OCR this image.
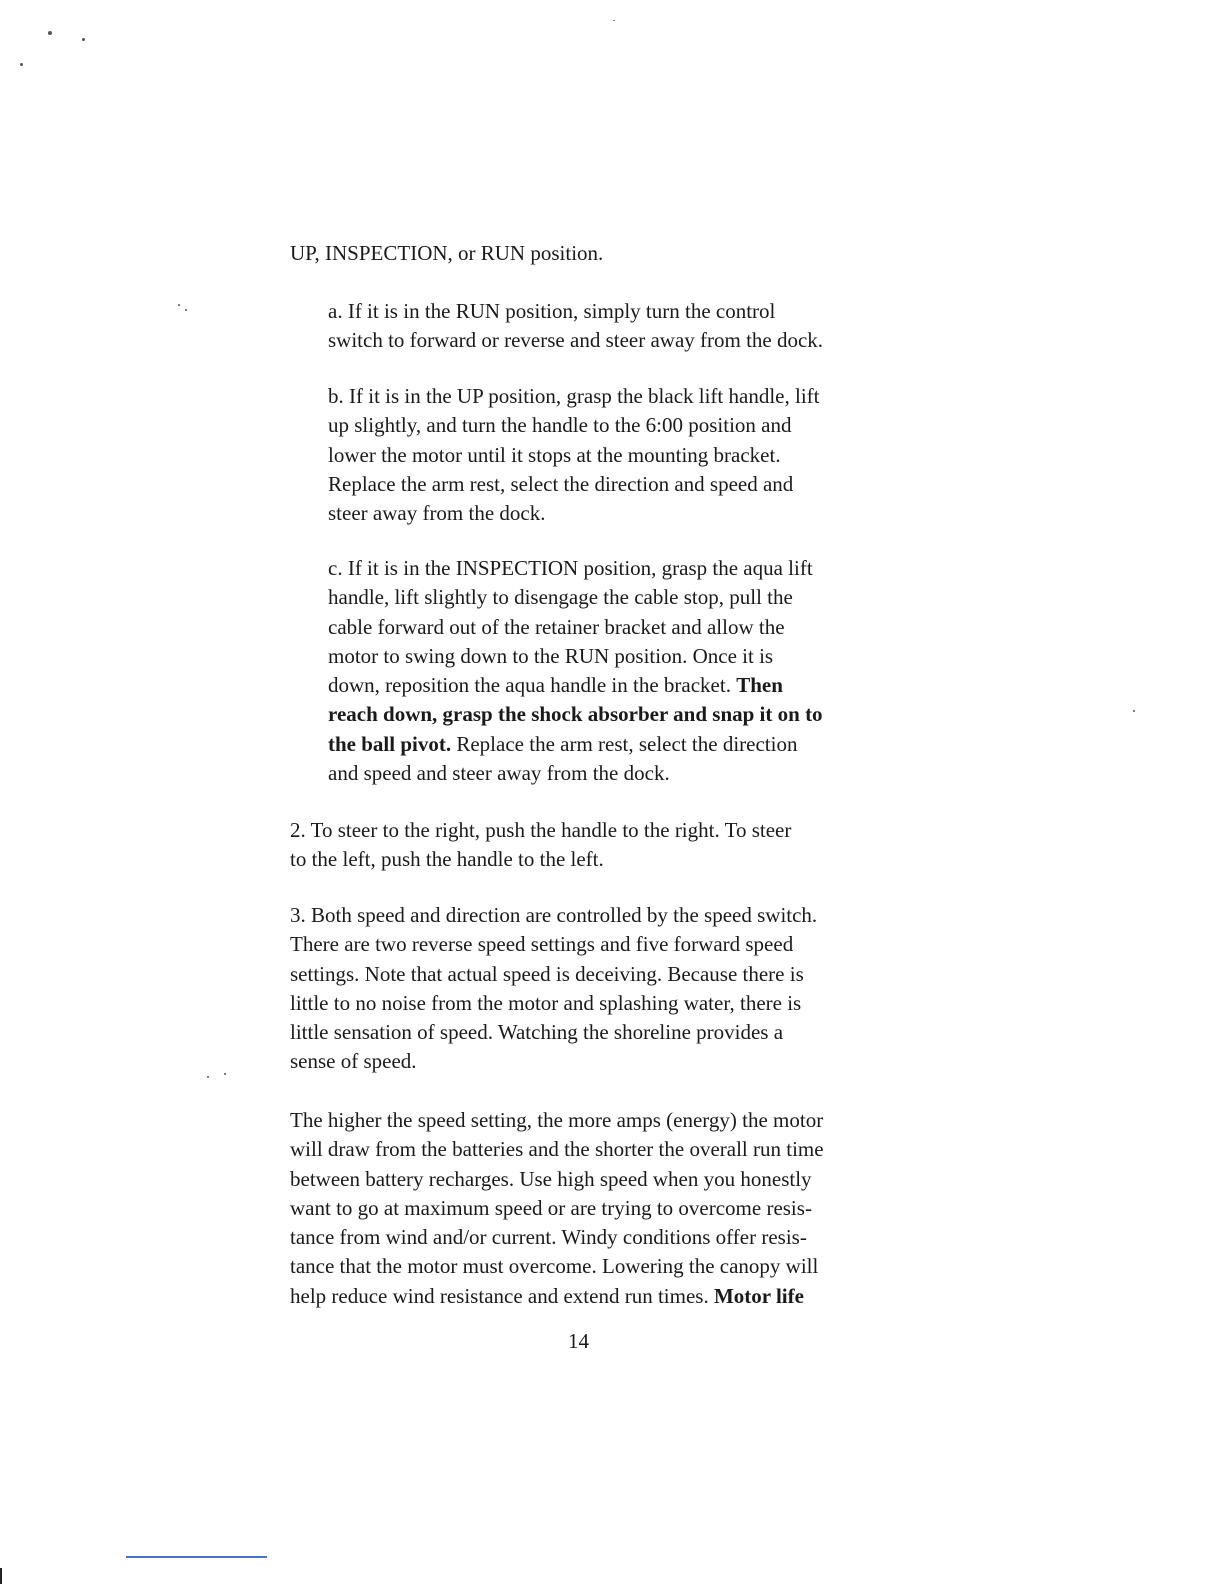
UP, INSPECTION, or RUN position.

a. If it is in the RUN position, simply turn the control
switch to forward or reverse and steer away from the dock.

b. If it is in the UP position, grasp the black lift handle, lift
up slightly, and turn the handle to the 6:00 position and
lower the motor until it stops at the mounting bracket.
Replace the arm rest, select the direction and speed and
steer away from the dock.

c. If it is in the INSPECTION position, grasp the aqua lift
handle, lift slightly to disengage the cable stop, pull the
cable forward out of the retainer bracket and allow the
motor to swing down to the RUN position. Once it is
down, reposition the aqua handle in the bracket. Then
reach down, grasp the shock absorber and snap it on to
the ball pivot. Replace the arm rest, select the direction
and speed and steer away from the dock.

2. To steer to the right, push the handle to the right. To steer
to the left, push the handle to the left.

3. Both speed and direction are controlled by the speed switch.
There are two reverse speed settings and five forward speed
settings. Note that actual speed is deceiving. Because there is
little to no noise from the motor and splashing water, there is
little sensation of speed. Watching the shoreline provides a
sense of speed.

The higher the speed setting, the more amps (energy) the motor
will draw from the batteries and the shorter the overall run time
between battery recharges. Use high speed when you honestly
want to go at maximum speed or are trying to overcome resis-
tance from wind and/or current. Windy conditions offer resis-
tance that the motor must overcome. Lowering the canopy will
help reduce wind resistance and extend run times. Motor life

14
